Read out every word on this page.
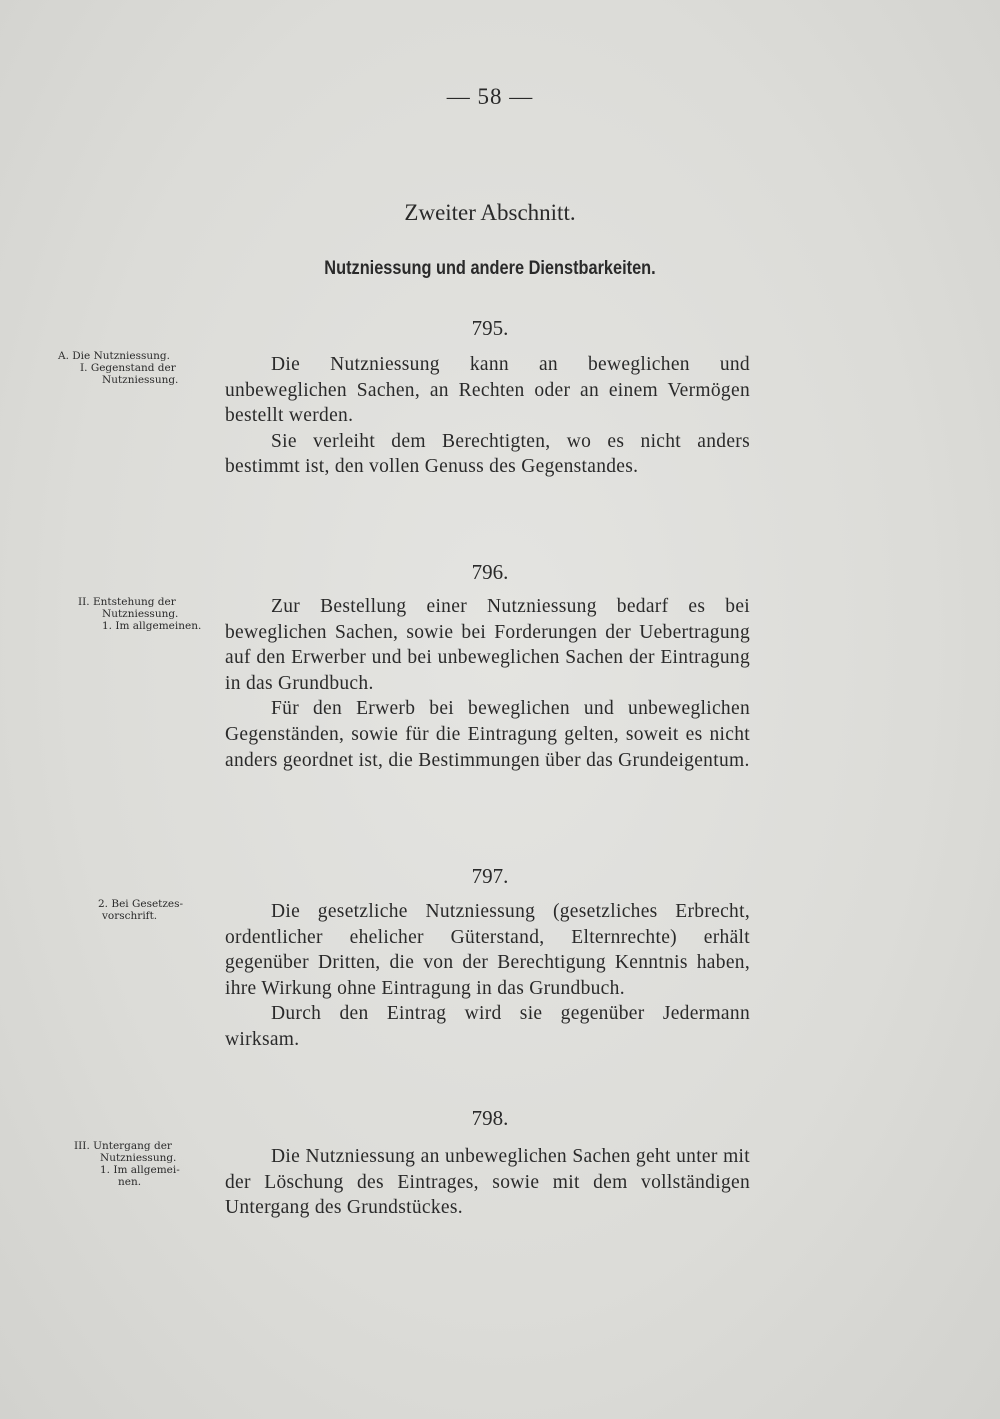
— 58 —
Zweiter Abschnitt.
Nutzniessung und andere Dienstbarkeiten.
795.
A. Die Nutzniessung.
I. Gegenstand der
Nutzniessung.

Die Nutzniessung kann an beweglichen und unbeweglichen Sachen, an Rechten oder an einem Vermögen bestellt werden.

Sie verleiht dem Berechtigten, wo es nicht anders bestimmt ist, den vollen Genuss des Gegenstandes.

796.
II. Entstehung der
Nutzniessung.
1. Im allgemeinen.

Zur Bestellung einer Nutzniessung bedarf es bei beweglichen Sachen, sowie bei Forderungen der Uebertragung auf den Erwerber und bei unbeweglichen Sachen der Eintragung in das Grundbuch.

Für den Erwerb bei beweglichen und unbeweglichen Gegenständen, sowie für die Eintragung gelten, soweit es nicht anders geordnet ist, die Bestimmungen über das Grundeigentum.

797.
2. Bei Gesetzes-
vorschrift.	Die gesetzliche Nutzniessung (gesetzliches Erbrecht, ordentlicher ehelicher Güterstand, Elternrechte) erhält gegenüber Dritten, die von der Berechtigung Kenntnis haben, ihre Wirkung ohne Eintragung in das Grundbuch.

Durch den Eintrag wird sie gegenüber Jedermann wirksam.

798.
III. Untergang der
Nutzniessung.
1. Im allgemei-
nen.

Die Nutzniessung an unbeweglichen Sachen geht unter mit der Löschung des Eintrages, sowie mit dem vollständigen Untergang des Grundstückes.
